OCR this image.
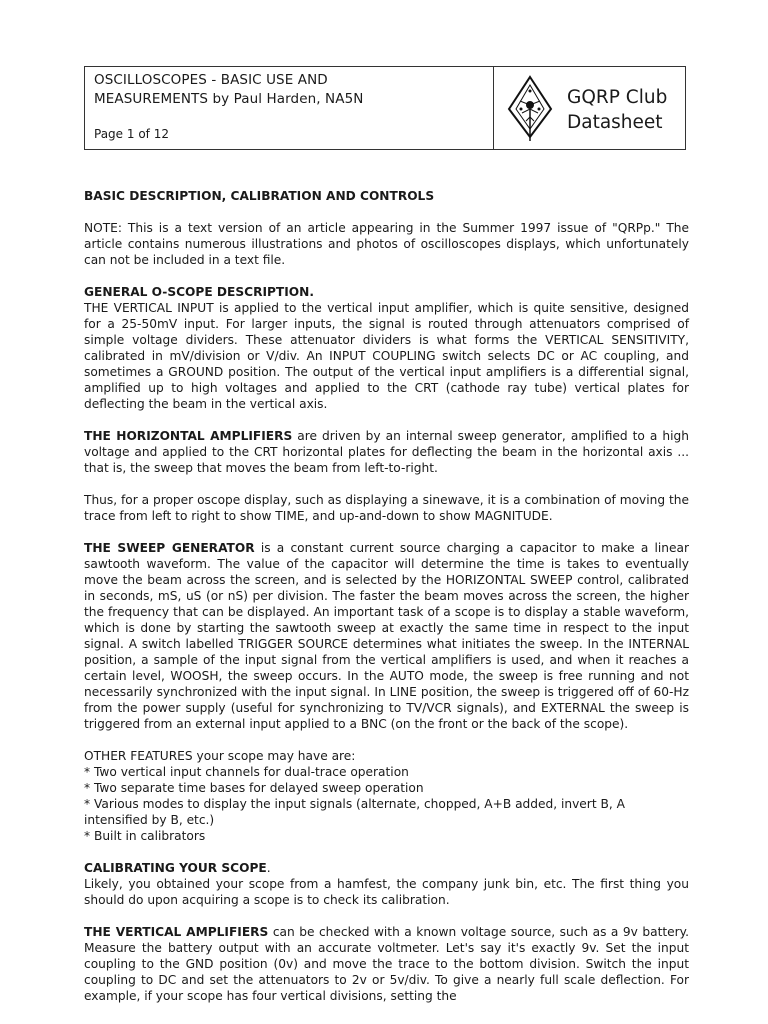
OSCILLOSCOPES - BASIC USE AND
MEASUREMENTS by Paul Harden, NA5N
Page 1 of 12
GQRP Club
Datasheet
BASIC DESCRIPTION, CALIBRATION AND CONTROLS

NOTE: This is a text version of an article appearing in the Summer 1997 issue of "QRPp." The article contains numerous illustrations and photos of oscilloscopes displays, which unfortunately can not be included in a text file.

GENERAL O-SCOPE DESCRIPTION.

THE VERTICAL INPUT is applied to the vertical input amplifier, which is quite sensitive, designed for a 25-50mV input. For larger inputs, the signal is routed through attenuators comprised of simple voltage dividers. These attenuator dividers is what forms the VERTICAL SENSITIVITY, calibrated in mV/division or V/div. An INPUT COUPLING switch selects DC or AC coupling, and sometimes a GROUND position. The output of the vertical input amplifiers is a differential signal, amplified up to high voltages and applied to the CRT (cathode ray tube) vertical plates for deflecting the beam in the vertical axis.

THE HORIZONTAL AMPLIFIERS are driven by an internal sweep generator, amplified to a high voltage and applied to the CRT horizontal plates for deflecting the beam in the horizontal axis ... that is, the sweep that moves the beam from left-to-right.

Thus, for a proper oscope display, such as displaying a sinewave, it is a combination of moving the trace from left to right to show TIME, and up-and-down to show MAGNITUDE.

THE SWEEP GENERATOR is a constant current source charging a capacitor to make a linear sawtooth waveform. The value of the capacitor will determine the time is takes to eventually move the beam across the screen, and is selected by the HORIZONTAL SWEEP control, calibrated in seconds, mS, uS (or nS) per division. The faster the beam moves across the screen, the higher the frequency that can be displayed. An important task of a scope is to display a stable waveform, which is done by starting the sawtooth sweep at exactly the same time in respect to the input signal. A switch labelled TRIGGER SOURCE determines what initiates the sweep. In the INTERNAL position, a sample of the input signal from the vertical amplifiers is used, and when it reaches a certain level, WOOSH, the sweep occurs. In the AUTO mode, the sweep is free running and not necessarily synchronized with the input signal. In LINE position, the sweep is triggered off of 60-Hz from the power supply (useful for synchronizing to TV/VCR signals), and EXTERNAL the sweep is triggered from an external input applied to a BNC (on the front or the back of the scope).

OTHER FEATURES your scope may have are:

* Two vertical input channels for dual-trace operation
* Two separate time bases for delayed sweep operation
* Various modes to display the input signals (alternate, chopped, A+B added, invert B, A intensified by B, etc.)
* Built in calibrators
CALIBRATING YOUR SCOPE.

Likely, you obtained your scope from a hamfest, the company junk bin, etc. The first thing you should do upon acquiring a scope is to check its calibration.

THE VERTICAL AMPLIFIERS can be checked with a known voltage source, such as a 9v battery. Measure the battery output with an accurate voltmeter. Let's say it's exactly 9v. Set the input coupling to the GND position (0v) and move the trace to the bottom division. Switch the input coupling to DC and set the attenuators to 2v or 5v/div. To give a nearly full scale deflection. For example, if your scope has four vertical divisions, setting the
